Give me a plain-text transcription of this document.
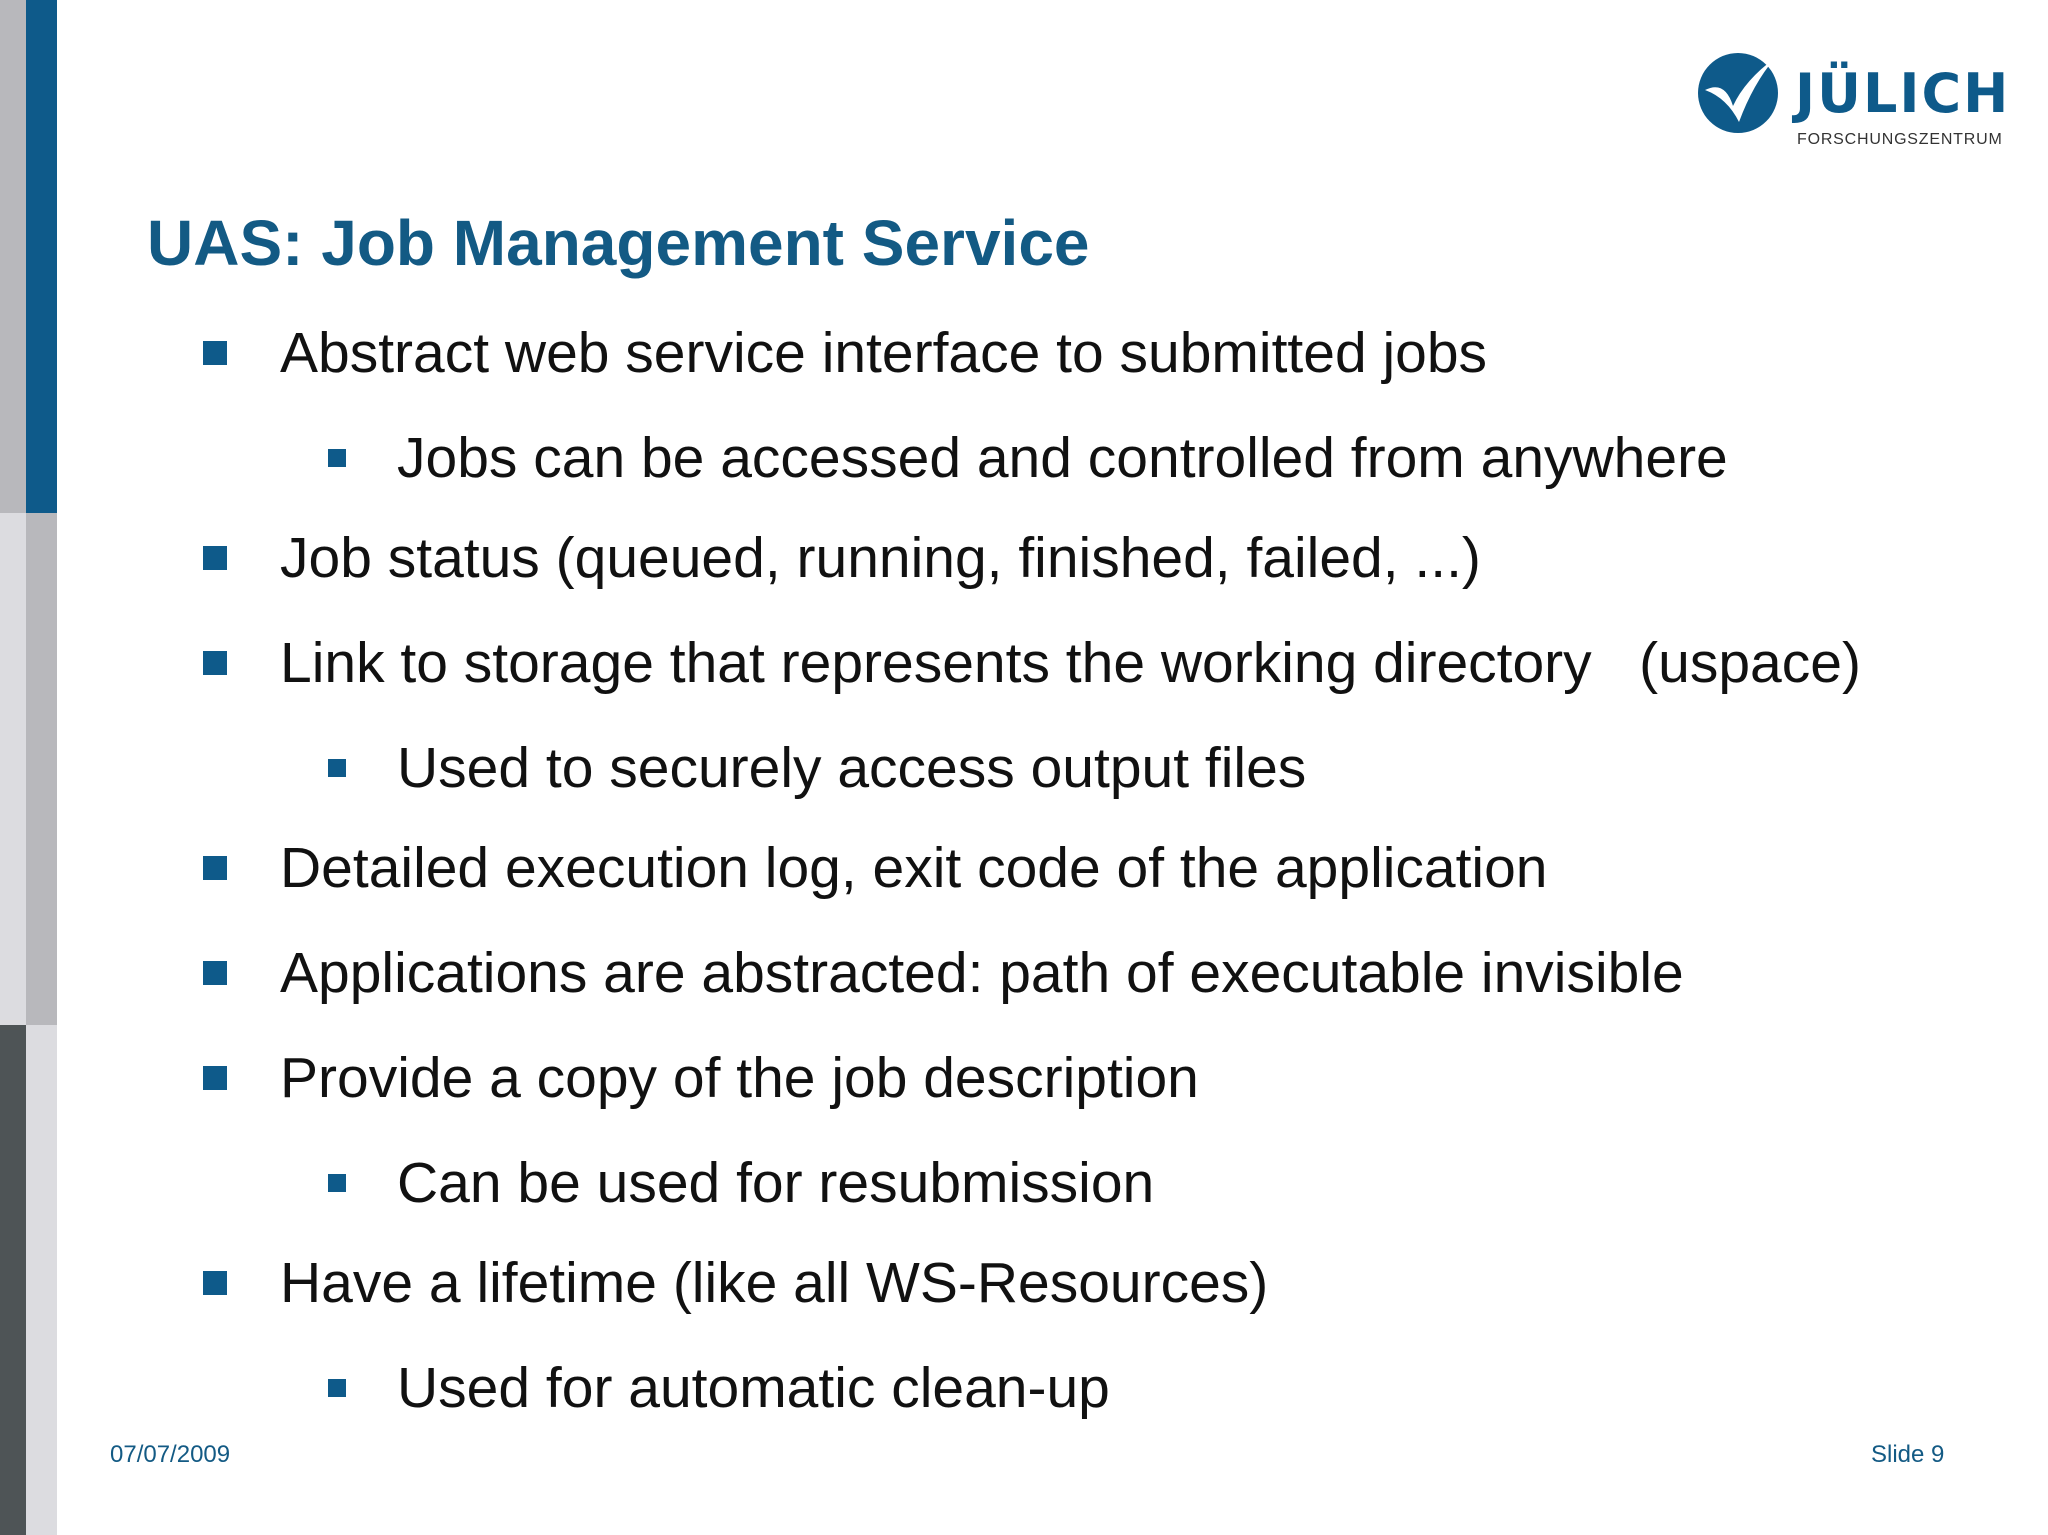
JÜLICH
FORSCHUNGSZENTRUM
UAS: Job Management Service
Abstract web service interface to submitted jobs
Jobs can be accessed and controlled from anywhere
Job status (queued, running, finished, failed, ...)
Link to storage that represents the working directory   (uspace)
Used to securely access output files
Detailed execution log, exit code of the application
Applications are abstracted: path of executable invisible
Provide a copy of the job description
Can be used for resubmission
Have a lifetime (like all WS-Resources)
Used for automatic clean-up
07/07/2009	Slide 9
